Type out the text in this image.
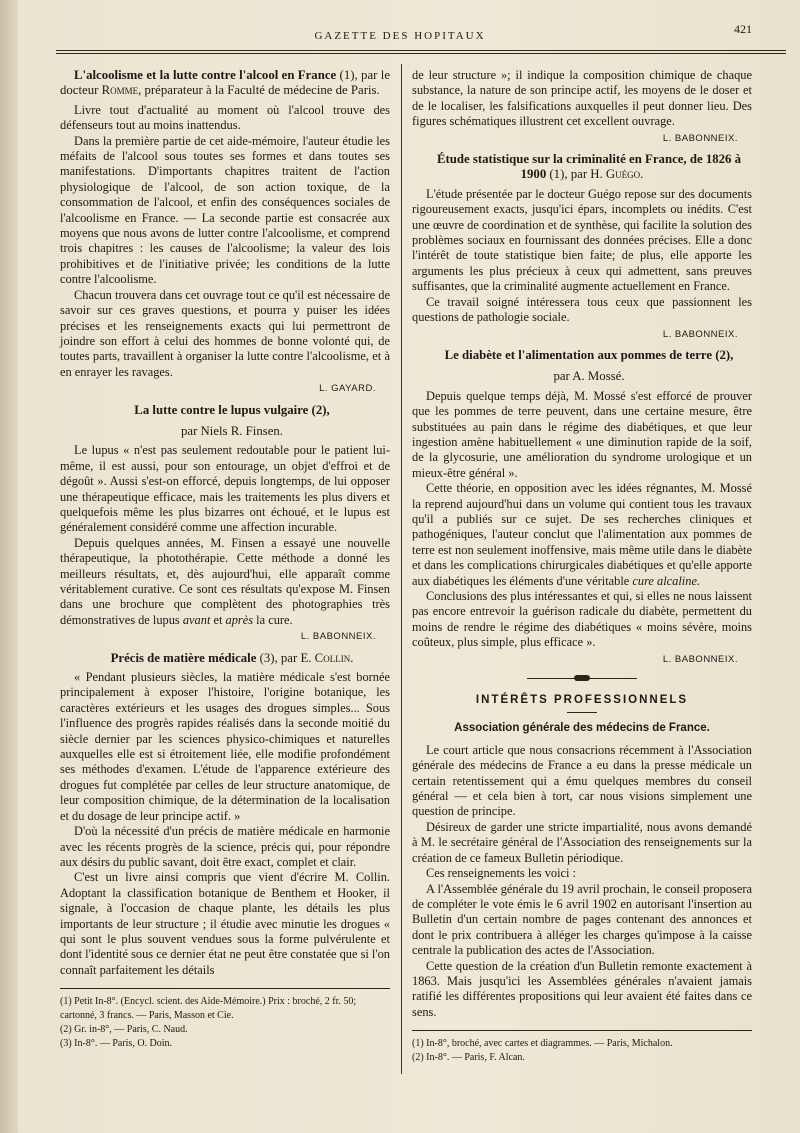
GAZETTE DES HOPITAUX	421

L'alcoolisme et la lutte contre l'alcool en France (1), par le docteur Romme, préparateur à la Faculté de médecine de Paris.

Livre tout d'actualité au moment où l'alcool trouve des défenseurs tout au moins inattendus.

Dans la première partie de cet aide-mémoire, l'auteur étudie les méfaits de l'alcool sous toutes ses formes et dans toutes ses manifestations. D'importants chapitres traitent de l'action physiologique de l'alcool, de son action toxique, de la consommation de l'alcool, et enfin des conséquences sociales de l'alcoolisme en France. — La seconde partie est consacrée aux moyens que nous avons de lutter contre l'alcoolisme, et comprend trois chapitres : les causes de l'alcoolisme; la valeur des lois prohibitives et de l'initiative privée; les conditions de la lutte contre l'alcoolisme.

Chacun trouvera dans cet ouvrage tout ce qu'il est nécessaire de savoir sur ces graves questions, et pourra y puiser les idées précises et les renseignements exacts qui lui permettront de joindre son effort à celui des hommes de bonne volonté qui, de toutes parts, travaillent à organiser la lutte contre l'alcoolisme, et à en enrayer les ravages.

L. GAYARD.

La lutte contre le lupus vulgaire (2),

par Niels R. Finsen.

Le lupus « n'est pas seulement redoutable pour le patient lui-même, il est aussi, pour son entourage, un objet d'effroi et de dégoût ». Aussi s'est-on efforcé, depuis longtemps, de lui opposer une thérapeutique efficace, mais les traitements les plus divers et quelquefois même les plus bizarres ont échoué, et le lupus est généralement considéré comme une affection incurable.

Depuis quelques années, M. Finsen a essayé une nouvelle thérapeutique, la photothérapie. Cette méthode a donné les meilleurs résultats, et, dès aujourd'hui, elle apparaît comme véritablement curative. Ce sont ces résultats qu'expose M. Finsen dans une brochure que complètent des photographies très démonstratives de lupus avant et après la cure.

L. BABONNEIX.

Précis de matière médicale (3), par E. Collin.

« Pendant plusieurs siècles, la matière médicale s'est bornée principalement à exposer l'histoire, l'origine botanique, les caractères extérieurs et les usages des drogues simples... Sous l'influence des progrès rapides réalisés dans la seconde moitié du siècle dernier par les sciences physico-chimiques et naturelles auxquelles elle est si étroitement liée, elle modifie profondément ses méthodes d'examen. L'étude de l'apparence extérieure des drogues fut complétée par celles de leur structure anatomique, de leur composition chimique, de la détermination de la localisation et du dosage de leur principe actif. »

D'où la nécessité d'un précis de matière médicale en harmonie avec les récents progrès de la science, précis qui, pour répondre aux désirs du public savant, doit être exact, complet et clair.

C'est un livre ainsi compris que vient d'écrire M. Collin. Adoptant la classification botanique de Benthem et Hooker, il signale, à l'occasion de chaque plante, les détails les plus importants de leur structure ; il étudie avec minutie les drogues « qui sont le plus souvent vendues sous la forme pulvérulente et dont l'identité sous ce dernier état ne peut être constatée que si l'on connaît parfaitement les détails

(1) Petit In-8°. (Encycl. scient. des Aide-Mémoire.) Prix : broché, 2 fr. 50; cartonné, 3 francs. — Paris, Masson et Cie.
(2) Gr. in-8°, — Paris, C. Naud.
(3) In-8°. — Paris, O. Doin.

de leur structure »; il indique la composition chimique de chaque substance, la nature de son principe actif, les moyens de le doser et de le localiser, les falsifications auxquelles il peut donner lieu. Des figures schématiques illustrent cet excellent ouvrage.

L. BABONNEIX.

Étude statistique sur la criminalité en France, de 1826 à 1900 (1), par H. Guégo.

L'étude présentée par le docteur Guégo repose sur des documents rigoureusement exacts, jusqu'ici épars, incomplets ou inédits. C'est une œuvre de coordination et de synthèse, qui facilite la solution des problèmes sociaux en fournissant des données précises. Elle a donc l'intérêt de toute statistique bien faite; de plus, elle apporte les arguments les plus précieux à ceux qui admettent, sans preuves suffisantes, que la criminalité augmente actuellement en France.

Ce travail soigné intéressera tous ceux que passionnent les questions de pathologie sociale.

L. BABONNEIX.

Le diabète et l'alimentation aux pommes de terre (2),

par A. Mossé.

Depuis quelque temps déjà, M. Mossé s'est efforcé de prouver que les pommes de terre peuvent, dans une certaine mesure, être substituées au pain dans le régime des diabétiques, et que leur ingestion amène habituellement « une diminution rapide de la soif, de la glycosurie, une amélioration du syndrome urologique et un mieux-être général ».

Cette théorie, en opposition avec les idées régnantes, M. Mossé la reprend aujourd'hui dans un volume qui contient tous les travaux qu'il a publiés sur ce sujet. De ses recherches cliniques et pathogéniques, l'auteur conclut que l'alimentation aux pommes de terre est non seulement inoffensive, mais même utile dans le diabète et dans les complications chirurgicales diabétiques et qu'elle apporte aux diabétiques les éléments d'une véritable cure alcaline.

Conclusions des plus intéressantes et qui, si elles ne nous laissent pas encore entrevoir la guérison radicale du diabète, permettent du moins de rendre le régime des diabétiques « moins sévère, moins coûteux, plus simple, plus efficace ».

L. BABONNEIX.
INTÉRÊTS PROFESSIONNELS
Association générale des médecins de France.

Le court article que nous consacrions récemment à l'Association générale des médecins de France a eu dans la presse médicale un certain retentissement qui a ému quelques membres du conseil général — et cela bien à tort, car nous visions simplement une question de principe.

Désireux de garder une stricte impartialité, nous avons demandé à M. le secrétaire général de l'Association des renseignements sur la création de ce fameux Bulletin périodique.

Ces renseignements les voici :

A l'Assemblée générale du 19 avril prochain, le conseil proposera de compléter le vote émis le 6 avril 1902 en autorisant l'insertion au Bulletin d'un certain nombre de pages contenant des annonces et dont le prix contribuera à alléger les charges qu'impose à la caisse centrale la publication des actes de l'Association.

Cette question de la création d'un Bulletin remonte exactement à 1863. Mais jusqu'ici les Assemblées générales n'avaient jamais ratifié les différentes propositions qui leur avaient été faites dans ce sens.

(1) In-8°, broché, avec cartes et diagrammes. — Paris, Michalon.
(2) In-8°. — Paris, F. Alcan.
